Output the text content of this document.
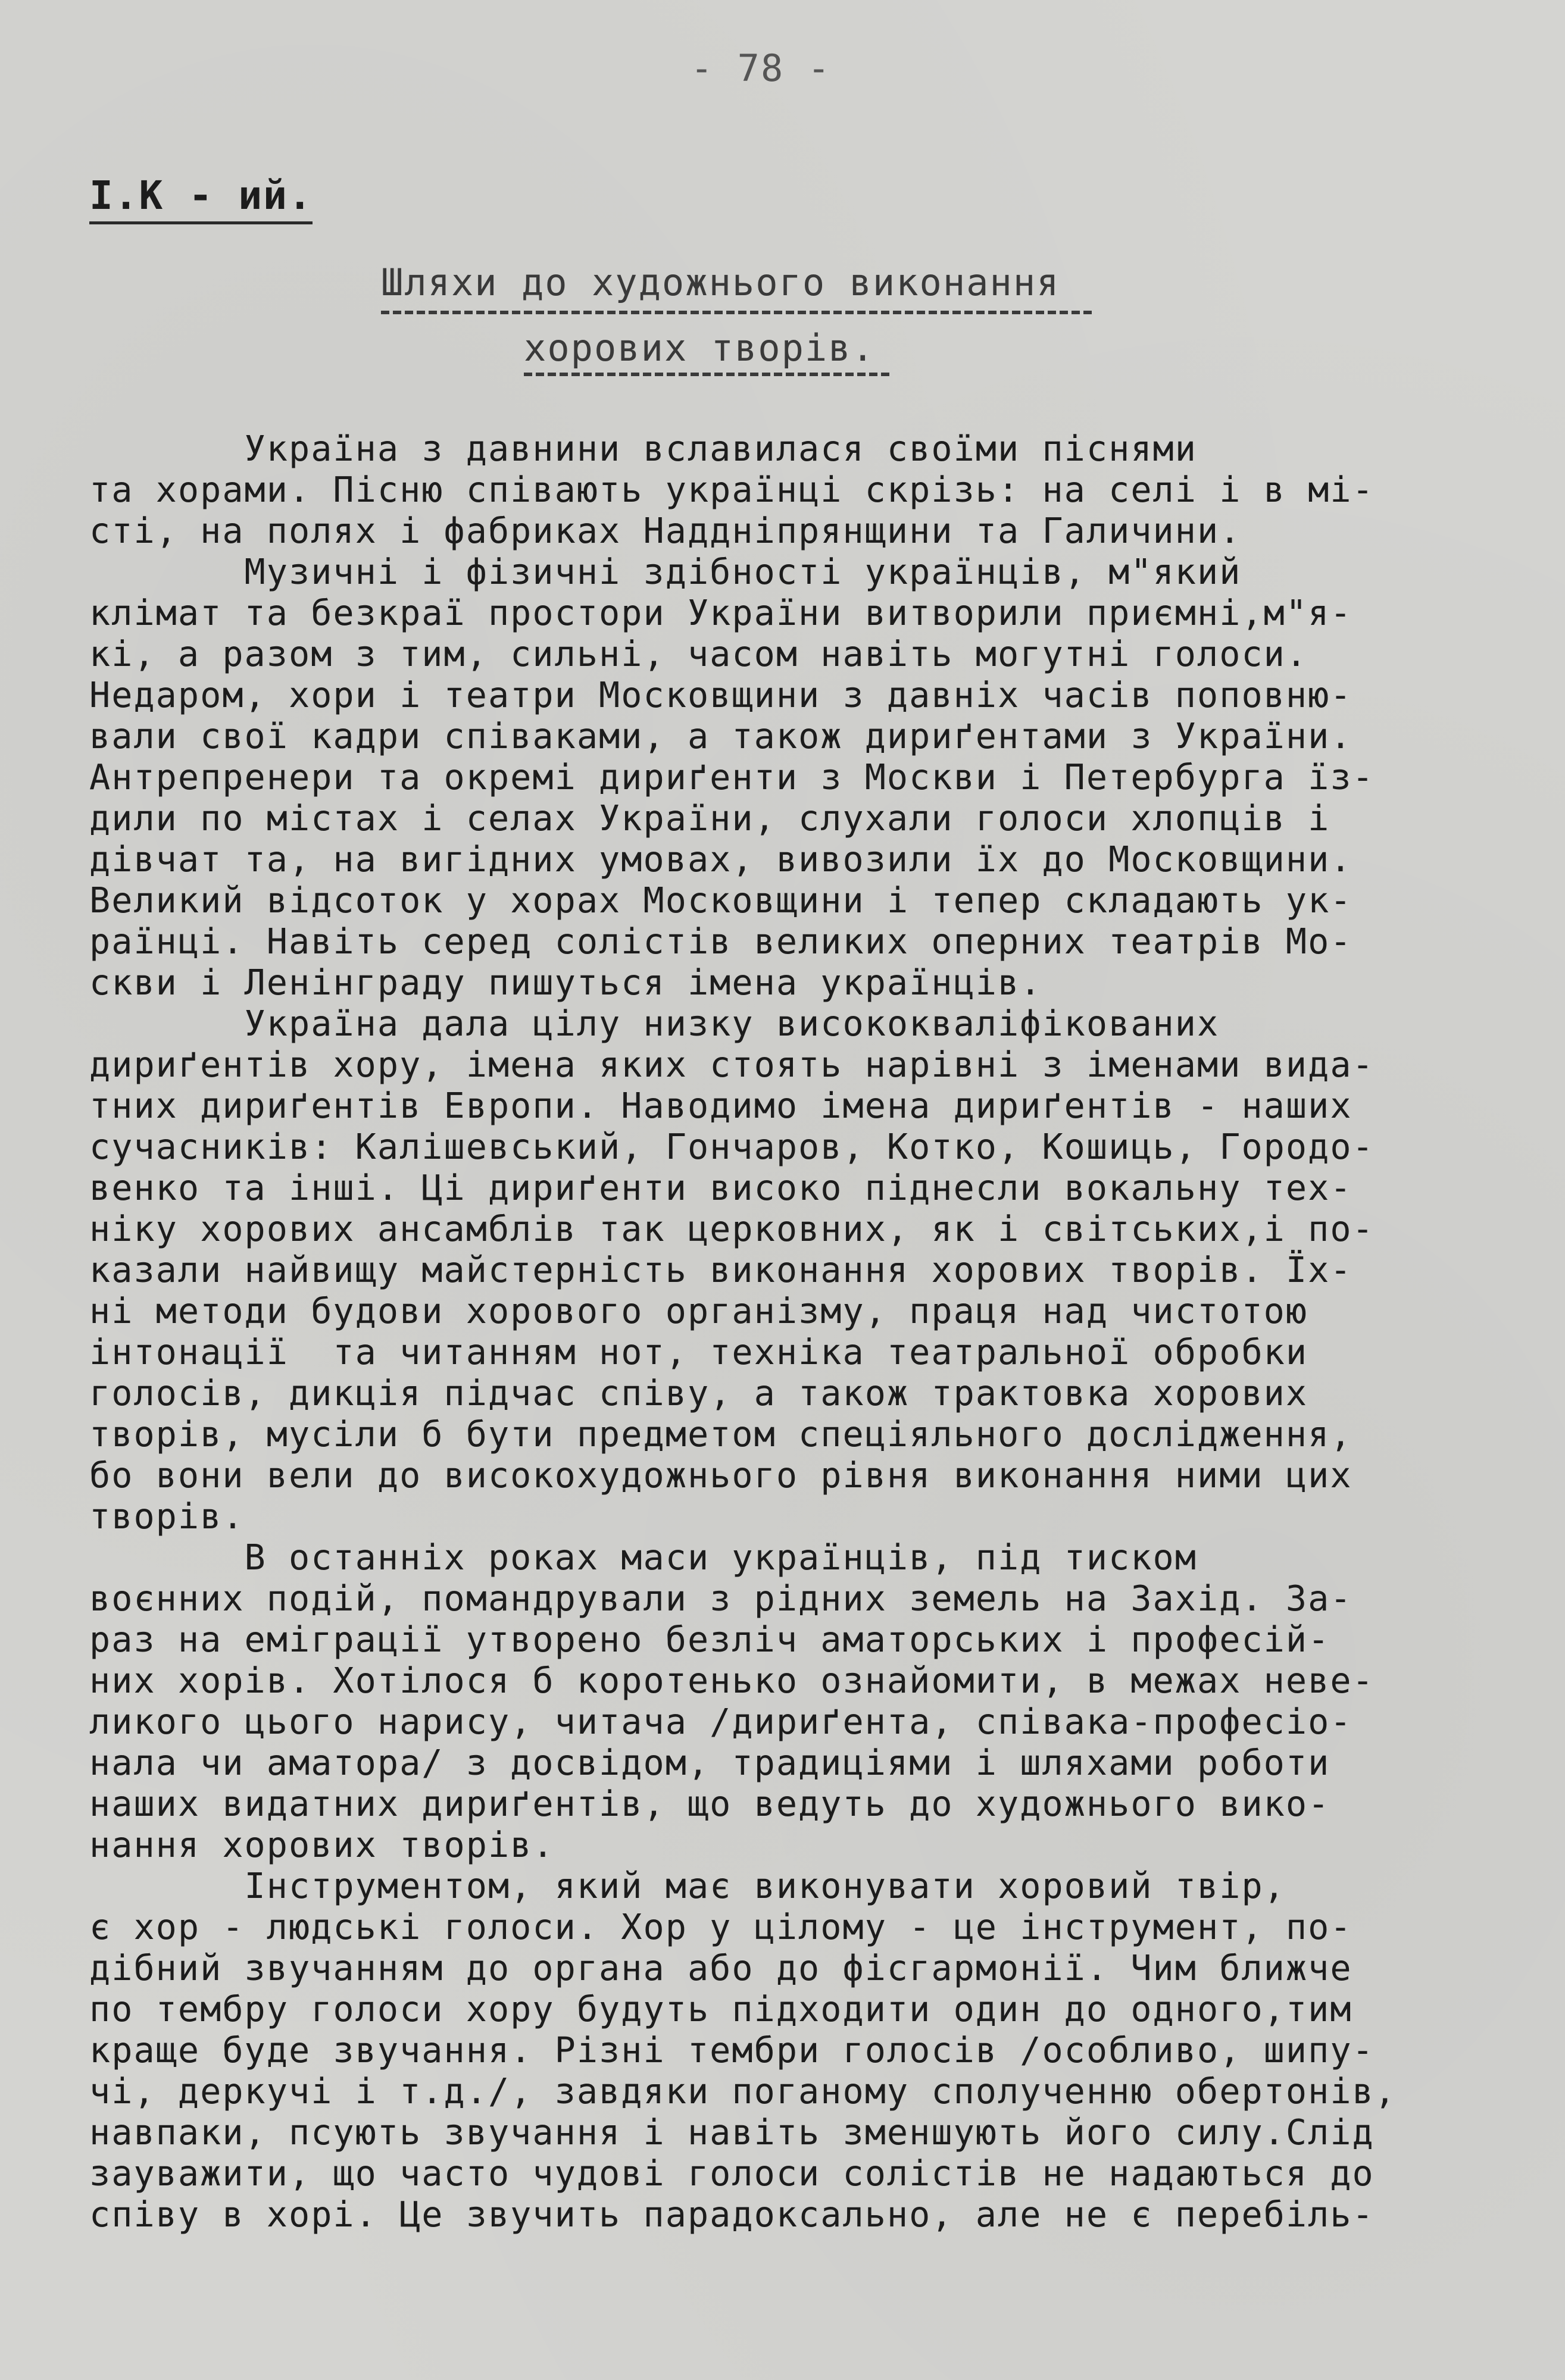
- 78 -
I.К - ий.
Шляхи до художнього виконання
хорових творів.
Україна з давнини вславилася своїми піснями
та хорами. Пісню співають українці скрізь: на селі і в мі-
сті, на полях і фабриках Наддніпрянщини та Галичини.
Музичні і фізичні здібності українців, м"який
клімат та безкраї простори України витворили приємні,м"я-
кі, а разом з тим, сильні, часом навіть могутні голоси.
Недаром, хори і театри Московщини з давніх часів поповню-
вали свої кадри співаками, а також дириґентами з України.
Антрепренери та окремі дириґенти з Москви і Петербурга їз-
дили по містах і селах України, слухали голоси хлопців і
дівчат та, на вигідних умовах, вивозили їх до Московщини.
Великий відсоток у хорах Московщини і тепер складають ук-
раїнці. Навіть серед солістів великих оперних театрів Мо-
скви і Ленінграду пишуться імена українців.
Україна дала цілу низку висококваліфікованих
дириґентів хору, імена яких стоять нарівні з іменами вида-
тних дириґентів Европи. Наводимо імена дириґентів - наших
сучасників: Калішевський, Гончаров, Котко, Кошиць, Городо-
венко та інші. Ці дириґенти високо піднесли вокальну тех-
ніку хорових ансамблів так церковних, як і світських,і по-
казали найвищу майстерність виконання хорових творів. Їх-
ні методи будови хорового організму, праця над чистотою
інтонації  та читанням нот, техніка театральної обробки
голосів, дикція підчас співу, а також трактовка хорових
творів, мусіли б бути предметом спеціяльного дослідження,
бо вони вели до високохудожнього рівня виконання ними цих
творів.
В останніх роках маси українців, під тиском
воєнних подій, помандрували з рідних земель на Захід. За-
раз на еміграції утворено безліч аматорських і професій-
них хорів. Хотілося б коротенько ознайомити, в межах неве-
ликого цього нарису, читача /дириґента, співака-професіо-
нала чи аматора/ з досвідом, традиціями і шляхами роботи
наших видатних дириґентів, що ведуть до художнього вико-
нання хорових творів.
Інструментом, який має виконувати хоровий твір,
є хор - людські голоси. Хор у цілому - це інструмент, по-
дібний звучанням до органа або до фісгармонії. Чим ближче
по тембру голоси хору будуть підходити один до одного,тим
краще буде звучання. Різні тембри голосів /особливо, шипу-
чі, деркучі і т.д./, завдяки поганому сполученню обертонів,
навпаки, псують звучання і навіть зменшують його силу.Слід
зауважити, що часто чудові голоси солістів не надаються до
співу в хорі. Це звучить парадоксально, але не є перебіль-
